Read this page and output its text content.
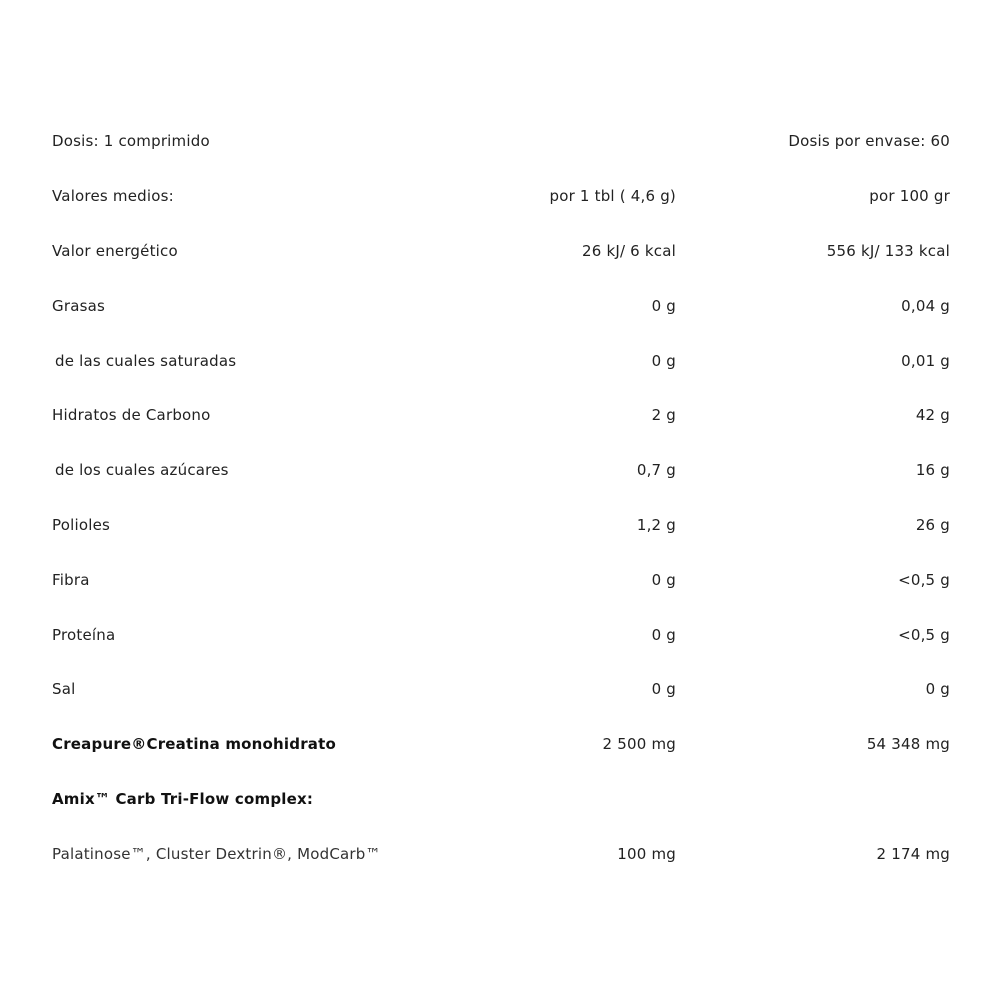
Dosis: 1 comprimido	Dosis por envase: 60
Valores medios:	por 1 tbl ( 4,6 g)	por 100 gr
Valor energético	26 kJ/ 6 kcal	556 kJ/ 133 kcal
Grasas	0 g	0,04 g
de las cuales saturadas	0 g	0,01 g
Hidratos de Carbono	2 g	42 g
de los cuales azúcares	0,7 g	16 g
Polioles	1,2 g	26 g
Fibra	0 g	<0,5 g
Proteína	0 g	<0,5 g
Sal	0 g	0 g
Creapure®Creatina monohidrato	2 500 mg	54 348 mg
Amix™ Carb Tri-Flow complex:
Palatinose™, Cluster Dextrin®, ModCarb™	100 mg	2 174 mg
